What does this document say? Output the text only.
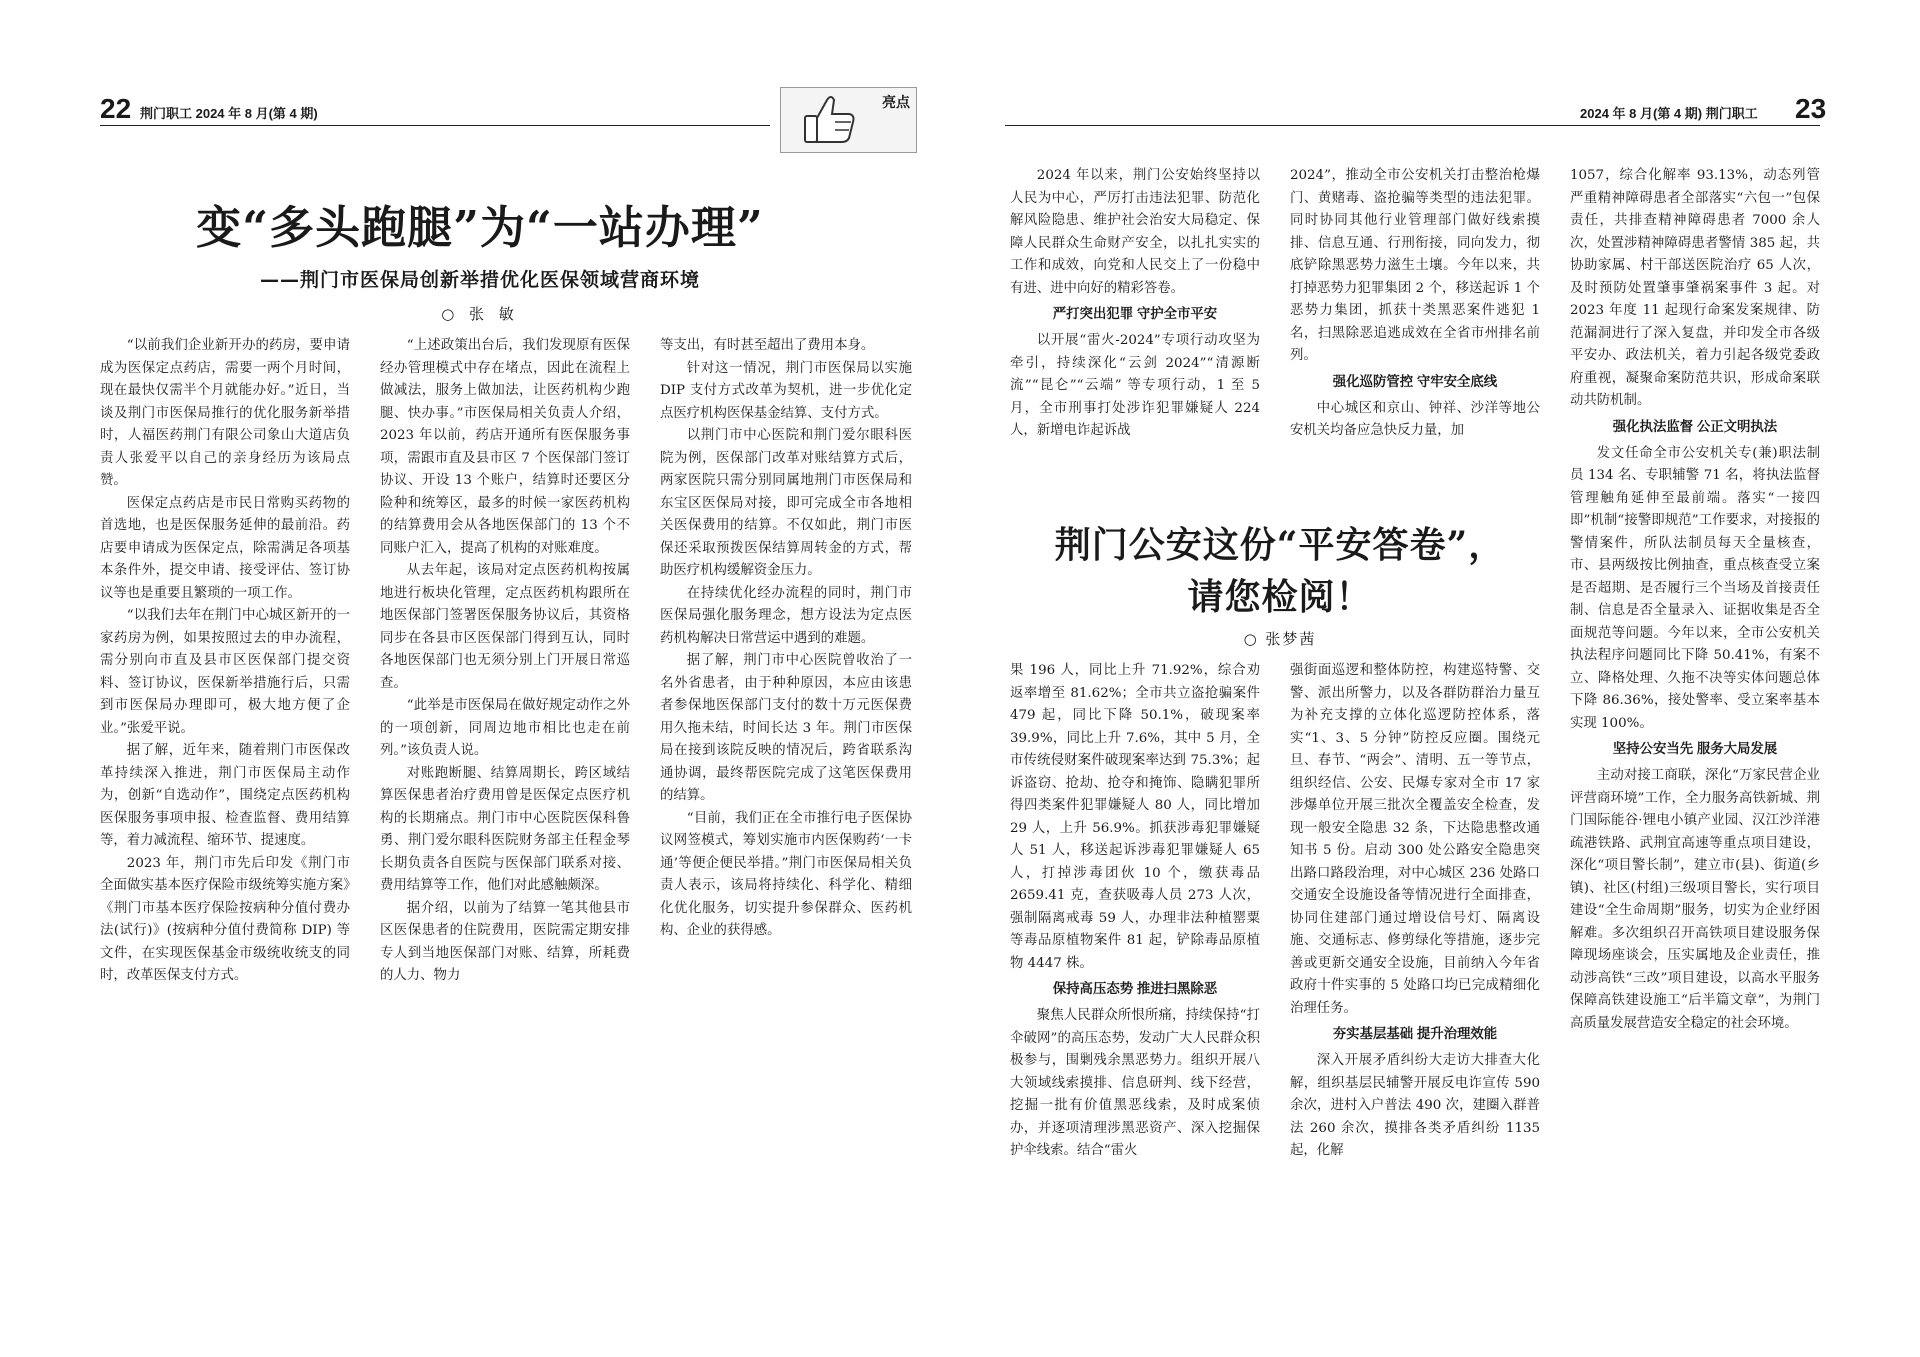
22 荆门职工 2024 年 8 月(第 4 期)
亮点
变“多头跑腿”为“一站办理”
——荆门市医保局创新举措优化医保领域营商环境
○ 张 敏

“以前我们企业新开办的药房，要申请成为医保定点药店，需要一两个月时间，现在最快仅需半个月就能办好。”近日，当谈及荆门市医保局推行的优化服务新举措时，人福医药荆门有限公司象山大道店负责人张爱平以自己的亲身经历为该局点赞。

医保定点药店是市民日常购买药物的首选地，也是医保服务延伸的最前沿。药店要申请成为医保定点，除需满足各项基本条件外，提交申请、接受评估、签订协议等也是重要且繁琐的一项工作。

“以我们去年在荆门中心城区新开的一家药房为例，如果按照过去的申办流程，需分别向市直及县市区医保部门提交资料、签订协议，医保新举措施行后，只需到市医保局办理即可，极大地方便了企业。”张爱平说。

据了解，近年来，随着荆门市医保改革持续深入推进，荆门市医保局主动作为，创新“自选动作”，围绕定点医药机构医保服务事项申报、检查监督、费用结算等，着力减流程、缩环节、提速度。

2023 年，荆门市先后印发《荆门市全面做实基本医疗保险市级统筹实施方案》《荆门市基本医疗保险按病种分值付费办法(试行)》(按病种分值付费简称 DIP) 等文件，在实现医保基金市级统收统支的同时，改革医保支付方式。

“上述政策出台后，我们发现原有医保经办管理模式中存在堵点，因此在流程上做减法，服务上做加法，让医药机构少跑腿、快办事。”市医保局相关负责人介绍，2023 年以前，药店开通所有医保服务事项，需跟市直及县市区 7 个医保部门签订协议、开设 13 个账户，结算时还要区分险种和统筹区，最多的时候一家医药机构的结算费用会从各地医保部门的 13 个不同账户汇入，提高了机构的对账难度。

从去年起，该局对定点医药机构按属地进行板块化管理，定点医药机构跟所在地医保部门签署医保服务协议后，其资格同步在各县市区医保部门得到互认，同时各地医保部门也无须分别上门开展日常巡查。

“此举是市医保局在做好规定动作之外的一项创新，同周边地市相比也走在前列。”该负责人说。

对账跑断腿、结算周期长，跨区域结算医保患者治疗费用曾是医保定点医疗机构的长期痛点。荆门市中心医院医保科鲁勇、荆门爱尔眼科医院财务部主任程金琴长期负责各自医院与医保部门联系对接、费用结算等工作，他们对此感触颇深。

据介绍，以前为了结算一笔其他县市区医保患者的住院费用，医院需定期安排专人到当地医保部门对账、结算，所耗费的人力、物力

等支出，有时甚至超出了费用本身。

针对这一情况，荆门市医保局以实施 DIP 支付方式改革为契机，进一步优化定点医疗机构医保基金结算、支付方式。

以荆门市中心医院和荆门爱尔眼科医院为例，医保部门改革对账结算方式后，两家医院只需分别同属地荆门市医保局和东宝区医保局对接，即可完成全市各地相关医保费用的结算。不仅如此，荆门市医保还采取预拨医保结算周转金的方式，帮助医疗机构缓解资金压力。

在持续优化经办流程的同时，荆门市医保局强化服务理念，想方设法为定点医药机构解决日常营运中遇到的难题。

据了解，荆门市中心医院曾收治了一名外省患者，由于种种原因，本应由该患者参保地医保部门支付的数十万元医保费用久拖未结，时间长达 3 年。荆门市医保局在接到该院反映的情况后，跨省联系沟通协调，最终帮医院完成了这笔医保费用的结算。

“目前，我们正在全市推行电子医保协议网签模式，筹划实施市内医保购药‘一卡通’等便企便民举措。”荆门市医保局相关负责人表示，该局将持续化、科学化、精细化优化服务，切实提升参保群众、医药机构、企业的获得感。

2024 年 8 月(第 4 期) 荆门职工 23

2024 年以来，荆门公安始终坚持以人民为中心，严厉打击违法犯罪、防范化解风险隐患、维护社会治安大局稳定、保障人民群众生命财产安全，以扎扎实实的工作和成效，向党和人民交上了一份稳中有进、进中向好的精彩答卷。

严打突出犯罪 守护全市平安

以开展“雷火-2024”专项行动攻坚为牵引，持续深化“云剑 2024”“清源断流”“昆仑”“云端” 等专项行动，1 至 5 月，全市刑事打处涉诈犯罪嫌疑人 224 人，新增电诈起诉战

2024”，推动全市公安机关打击整治枪爆门、黄赌毒、盗抢骗等类型的违法犯罪。同时协同其他行业管理部门做好线索摸排、信息互通、行刑衔接，同向发力，彻底铲除黑恶势力滋生土壤。今年以来，共打掉恶势力犯罪集团 2 个，移送起诉 1 个恶势力集团，抓获十类黑恶案件逃犯 1 名，扫黑除恶追逃成效在全省市州排名前列。

强化巡防管控 守牢安全底线

中心城区和京山、钟祥、沙洋等地公安机关均备应急快反力量，加

荆门公安这份“平安答卷”，
请您检阅！
○ 张梦茜

果 196 人，同比上升 71.92%，综合劝返率增至 81.62%；全市共立盗抢骗案件 479 起，同比下降 50.1%，破现案率 39.9%，同比上升 7.6%，其中 5 月，全市传统侵财案件破现案率达到 75.3%；起诉盗窃、抢劫、抢夺和掩饰、隐瞒犯罪所得四类案件犯罪嫌疑人 80 人，同比增加 29 人，上升 56.9%。抓获涉毒犯罪嫌疑人 51 人，移送起诉涉毒犯罪嫌疑人 65 人，打掉涉毒团伙 10 个，缴获毒品 2659.41 克，查获吸毒人员 273 人次，强制隔离戒毒 59 人，办理非法种植罂粟等毒品原植物案件 81 起，铲除毒品原植物 4447 株。

保持高压态势 推进扫黑除恶

聚焦人民群众所恨所痛，持续保持“打伞破网”的高压态势，发动广大人民群众积极参与，围剿残余黑恶势力。组织开展八大领域线索摸排、信息研判、线下经营，挖掘一批有价值黑恶线索，及时成案侦办，并逐项清理涉黑恶资产、深入挖掘保护伞线索。结合“雷火

强街面巡逻和整体防控，构建巡特警、交警、派出所警力，以及各群防群治力量互为补充支撑的立体化巡逻防控体系，落实“1、3、5 分钟”防控反应圈。围绕元旦、春节、“两会”、清明、五一等节点，组织经信、公安、民爆专家对全市 17 家涉爆单位开展三批次全覆盖安全检查，发现一般安全隐患 32 条，下达隐患整改通知书 5 份。启动 300 处公路安全隐患突出路口路段治理，对中心城区 236 处路口交通安全设施设备等情况进行全面排查，协同住建部门通过增设信号灯、隔离设施、交通标志、修剪绿化等措施，逐步完善或更新交通安全设施，目前纳入今年省政府十件实事的 5 处路口均已完成精细化治理任务。

夯实基层基础 提升治理效能

深入开展矛盾纠纷大走访大排查大化解，组织基层民辅警开展反电诈宣传 590 余次，进村入户普法 490 次，建圈入群普法 260 余次，摸排各类矛盾纠纷 1135 起，化解

1057，综合化解率 93.13%，动态列管严重精神障碍患者全部落实“六包一”包保责任，共排查精神障碍患者 7000 余人次，处置涉精神障碍患者警情 385 起，共协助家属、村干部送医院治疗 65 人次，及时预防处置肇事肇祸案事件 3 起。对 2023 年度 11 起现行命案发案规律、防范漏洞进行了深入复盘，并印发全市各级平安办、政法机关，着力引起各级党委政府重视，凝聚命案防范共识，形成命案联动共防机制。

强化执法监督 公正文明执法

发文任命全市公安机关专(兼)职法制员 134 名、专职辅警 71 名，将执法监督管理触角延伸至最前端。落实“一接四即”机制“接警即规范”工作要求，对接报的警情案件，所队法制员每天全量核查，市、县两级按比例抽查，重点核查受立案是否超期、是否履行三个当场及首接责任制、信息是否全量录入、证据收集是否全面规范等问题。今年以来，全市公安机关执法程序问题同比下降 50.41%，有案不立、降格处理、久拖不决等实体问题总体下降 86.36%，接处警率、受立案率基本实现 100%。

坚持公安当先 服务大局发展

主动对接工商联，深化“万家民营企业评营商环境”工作，全力服务高铁新城、荆门国际能谷·锂电小镇产业园、汉江沙洋港疏港铁路、武荆宜高速等重点项目建设，深化“项目警长制”，建立市(县)、街道(乡镇)、社区(村组)三级项目警长，实行项目建设“全生命周期”服务，切实为企业纾困解难。多次组织召开高铁项目建设服务保障现场座谈会，压实属地及企业责任，推动涉高铁“三改”项目建设，以高水平服务保障高铁建设施工“后半篇文章”，为荆门高质量发展营造安全稳定的社会环境。
